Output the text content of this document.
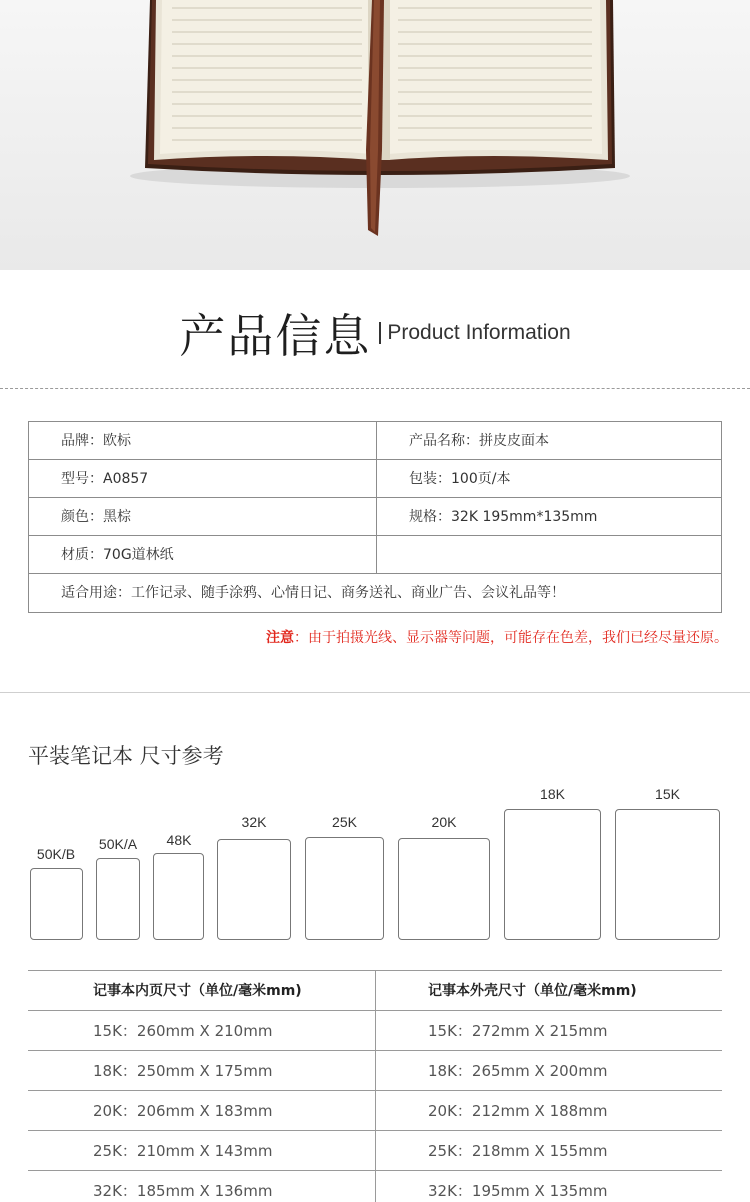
产品信息 Product Information
品牌：欧标	产品名称：拼皮皮面本
型号：A0857	包装：100页/本
颜色：黑棕	规格：32K 195mm*135mm
材质：70G道林纸
适合用途：工作记录、随手涂鸦、心情日记、商务送礼、商业广告、会议礼品等！
注意：由于拍摄光线、显示器等问题，可能存在色差，我们已经尽量还原。
平装笔记本 尺寸参考
50K/B
50K/A	48K
32K	25K	20K
18K	15K
记事本内页尺寸（单位/毫米mm)	记事本外壳尺寸（单位/毫米mm)
15K：260mm X 210mm	15K：272mm X 215mm
18K：250mm X 175mm	18K：265mm X 200mm
20K：206mm X 183mm	20K：212mm X 188mm
25K：210mm X 143mm	25K：218mm X 155mm
32K：185mm X 136mm	32K：195mm X 135mm
